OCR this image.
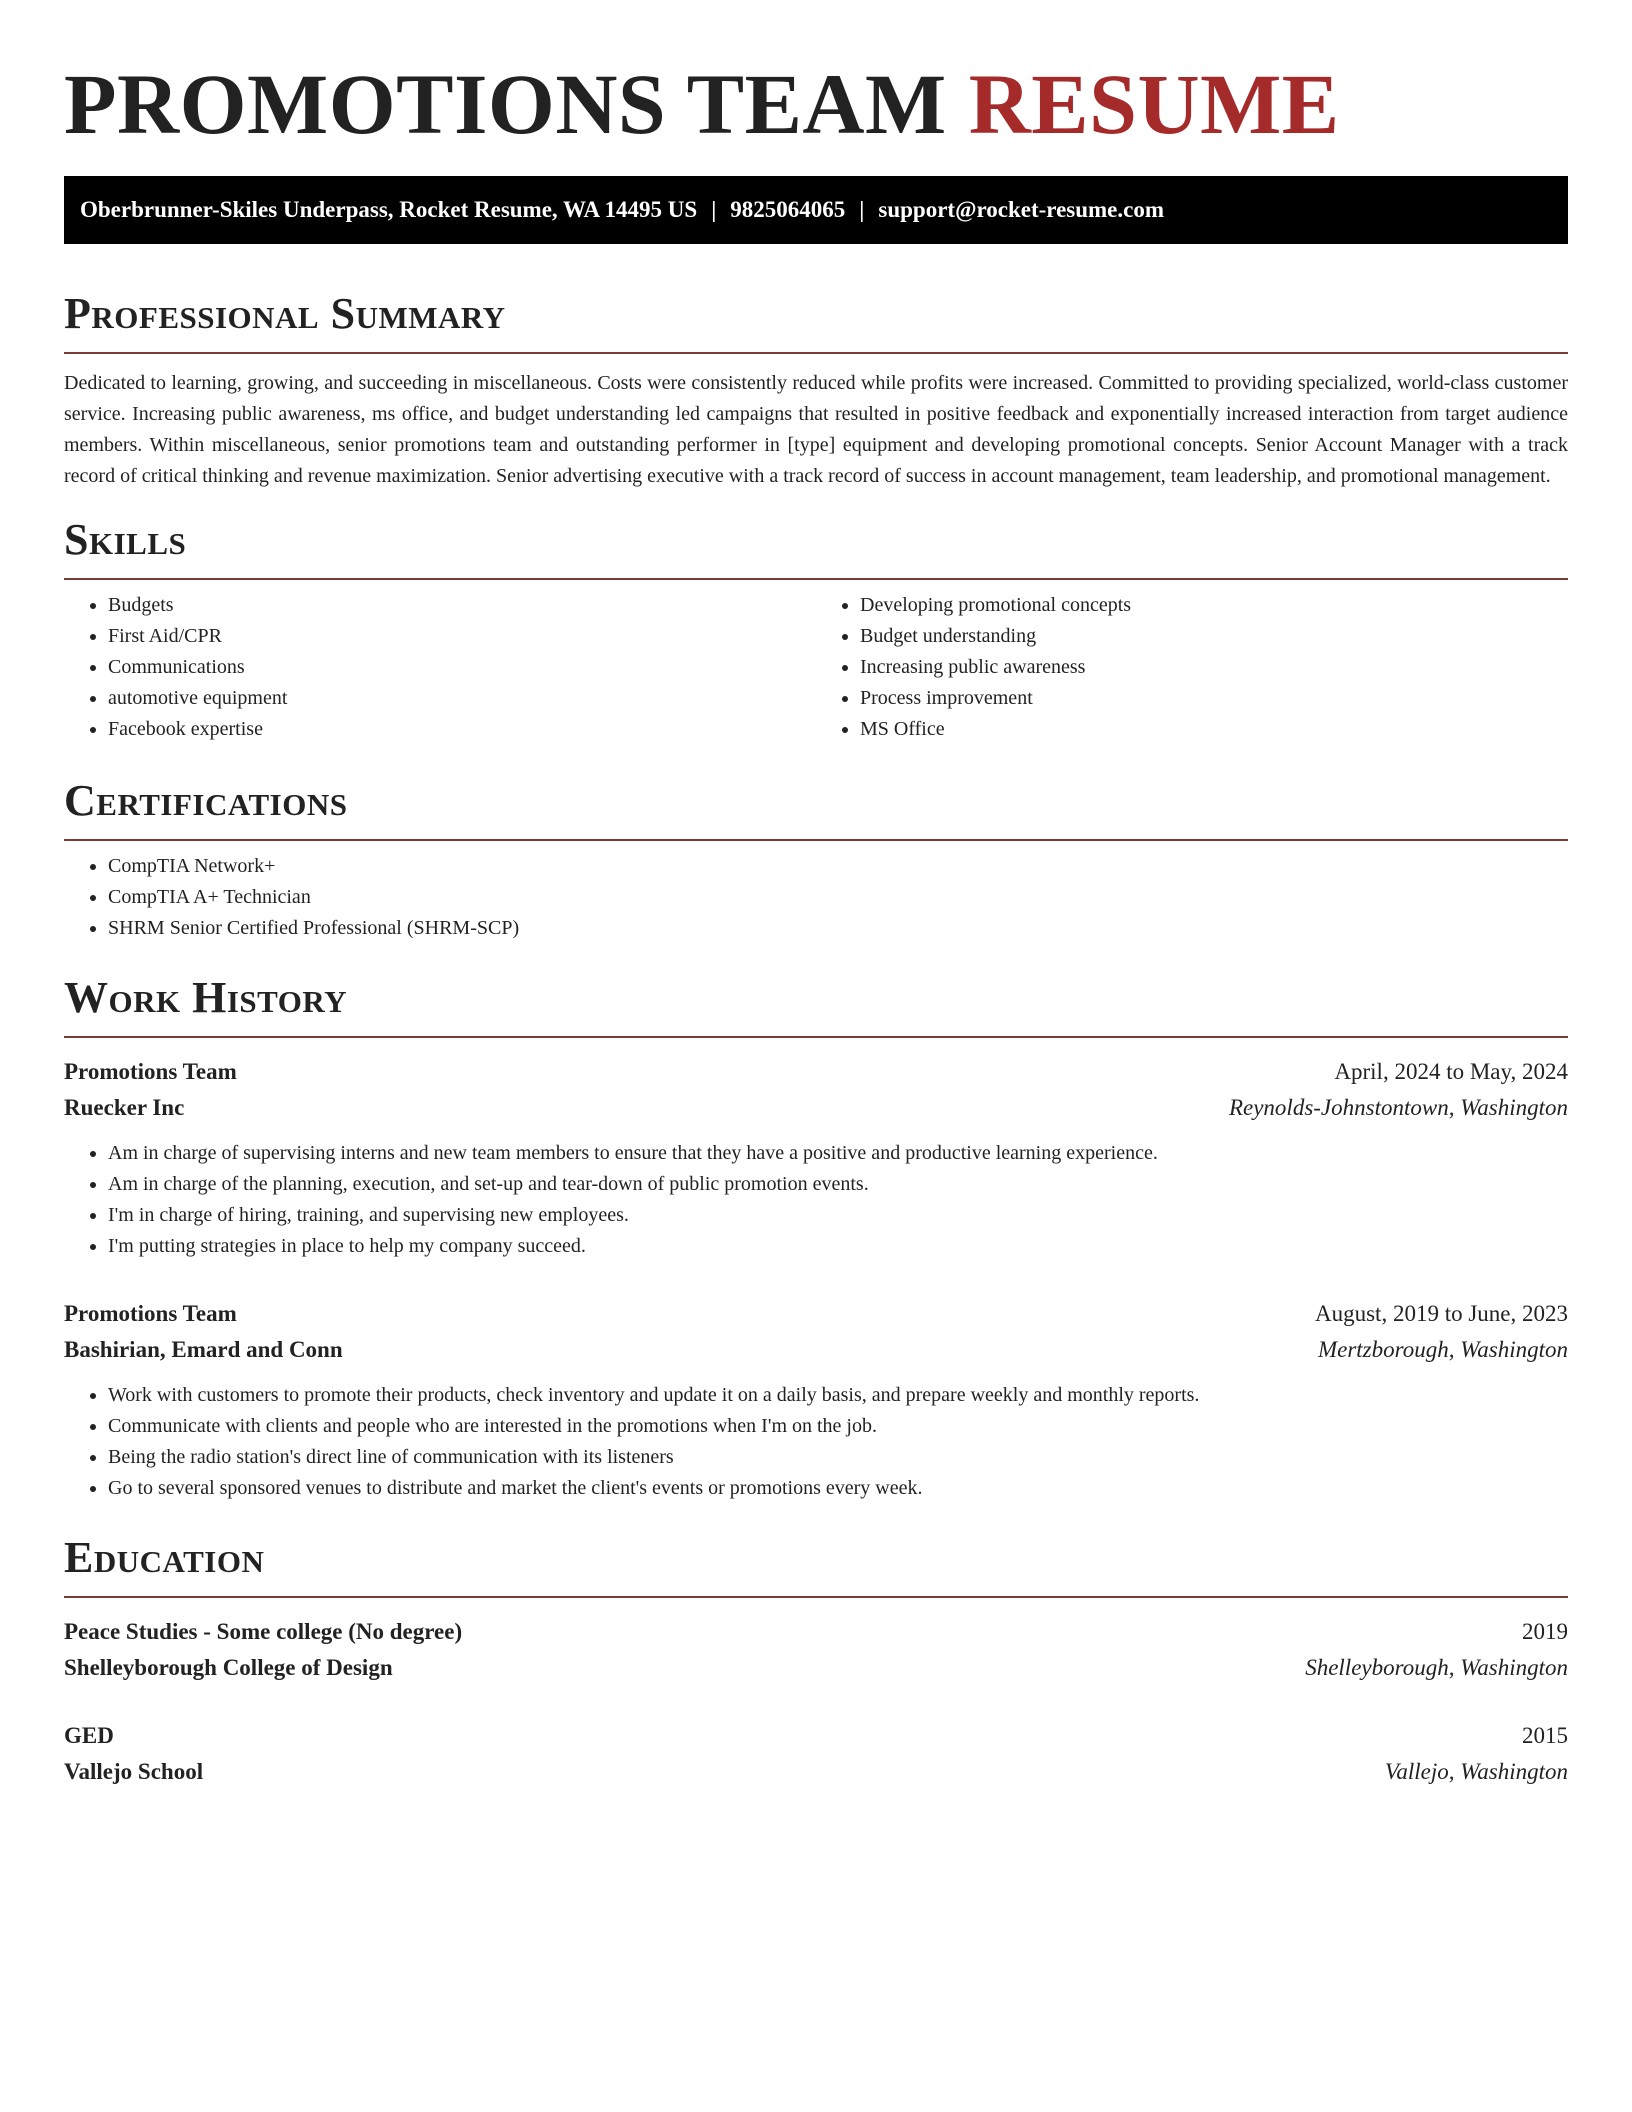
PROMOTIONS TEAM RESUME
Oberbrunner-Skiles Underpass, Rocket Resume, WA 14495 US | 9825064065 | support@rocket-resume.com
Professional Summary

Dedicated to learning, growing, and succeeding in miscellaneous. Costs were consistently reduced while profits were increased. Committed to providing specialized, world-class customer service. Increasing public awareness, ms office, and budget understanding led campaigns that resulted in positive feedback and exponentially increased interaction from target audience members. Within miscellaneous, senior promotions team and outstanding performer in [type] equipment and developing promotional concepts. Senior Account Manager with a track record of critical thinking and revenue maximization. Senior advertising executive with a track record of success in account management, team leadership, and promotional management.

Skills
• Budgets
• First Aid/CPR
• Communications
• automotive equipment
• Facebook expertise
• Developing promotional concepts
• Budget understanding
• Increasing public awareness
• Process improvement
• MS Office
Certifications
• CompTIA Network+
• CompTIA A+ Technician
• SHRM Senior Certified Professional (SHRM-SCP)
Work History
Promotions Team	April, 2024 to May, 2024
Ruecker Inc	Reynolds-Johnstontown, Washington
• Am in charge of supervising interns and new team members to ensure that they have a positive and productive learning experience.
• Am in charge of the planning, execution, and set-up and tear-down of public promotion events.
• I'm in charge of hiring, training, and supervising new employees.
• I'm putting strategies in place to help my company succeed.
Promotions Team	August, 2019 to June, 2023
Bashirian, Emard and Conn	Mertzborough, Washington
• Work with customers to promote their products, check inventory and update it on a daily basis, and prepare weekly and monthly reports.
• Communicate with clients and people who are interested in the promotions when I'm on the job.
• Being the radio station's direct line of communication with its listeners
• Go to several sponsored venues to distribute and market the client's events or promotions every week.
Education
Peace Studies - Some college (No degree)	2019
Shelleyborough College of Design	Shelleyborough, Washington
GED	2015
Vallejo School	Vallejo, Washington
